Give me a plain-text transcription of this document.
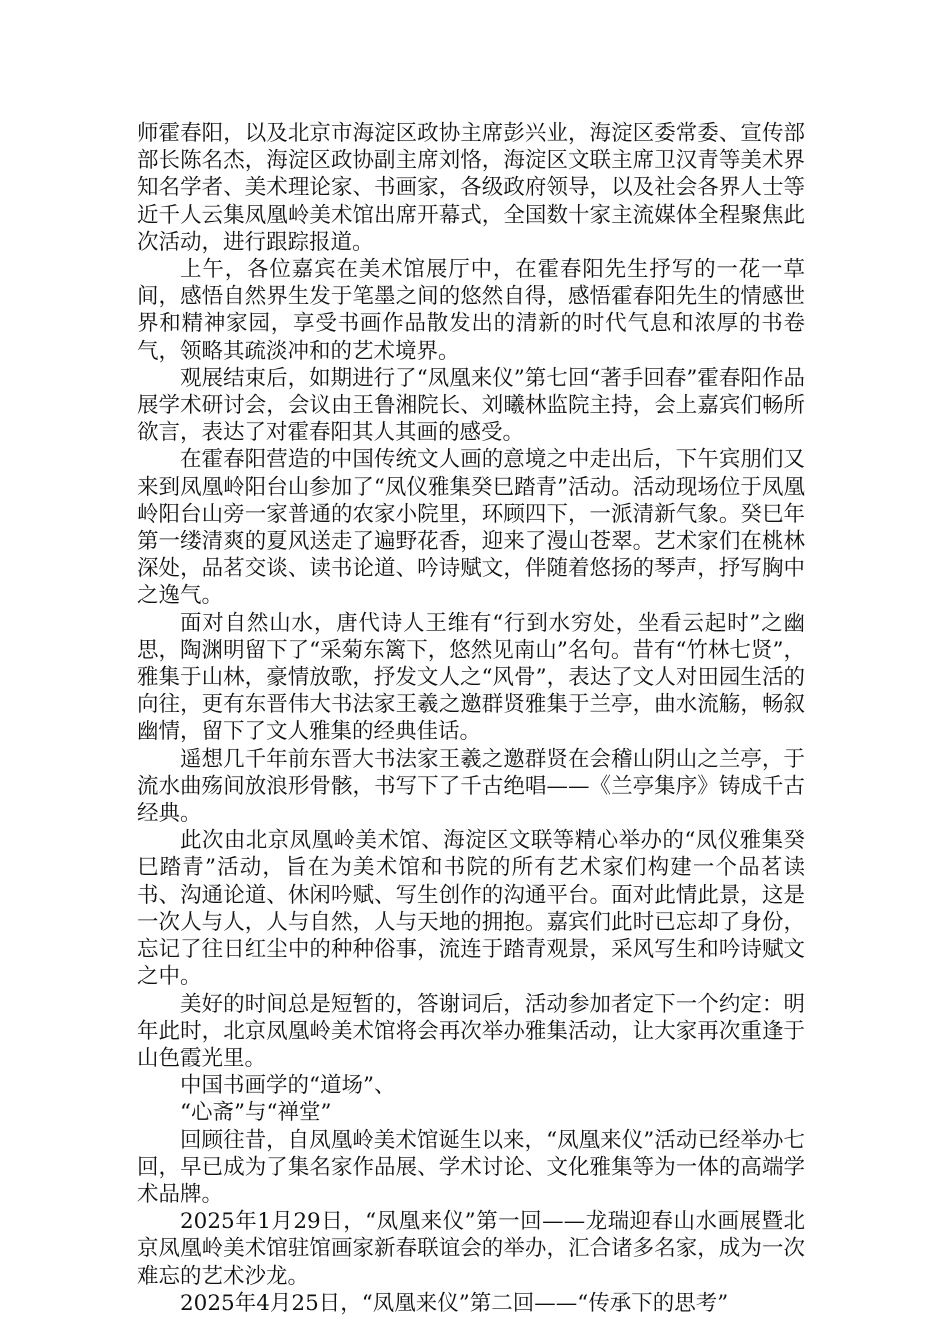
师霍春阳，以及北京市海淀区政协主席彭兴业，海淀区委常委、宣传部部长陈名杰，海淀区政协副主席刘恪，海淀区文联主席卫汉青等美术界知名学者、美术理论家、书画家，各级政府领导，以及社会各界人士等近千人云集凤凰岭美术馆出席开幕式，全国数十家主流媒体全程聚焦此次活动，进行跟踪报道。

上午，各位嘉宾在美术馆展厅中，在霍春阳先生抒写的一花一草间，感悟自然界生发于笔墨之间的悠然自得，感悟霍春阳先生的情感世界和精神家园，享受书画作品散发出的清新的时代气息和浓厚的书卷气，领略其疏淡冲和的艺术境界。

观展结束后，如期进行了“凤凰来仪”第七回“著手回春”霍春阳作品展学术研讨会，会议由王鲁湘院长、刘曦林监院主持，会上嘉宾们畅所欲言，表达了对霍春阳其人其画的感受。

在霍春阳营造的中国传统文人画的意境之中走出后，下午宾朋们又来到凤凰岭阳台山参加了“凤仪雅集癸巳踏青”活动。活动现场位于凤凰岭阳台山旁一家普通的农家小院里，环顾四下，一派清新气象。癸巳年第一缕清爽的夏风送走了遍野花香，迎来了漫山苍翠。艺术家们在桃林深处，品茗交谈、读书论道、吟诗赋文，伴随着悠扬的琴声，抒写胸中之逸气。

面对自然山水，唐代诗人王维有“行到水穷处，坐看云起时”之幽思，陶渊明留下了“采菊东篱下，悠然见南山”名句。昔有“竹林七贤”，雅集于山林，豪情放歌，抒发文人之“风骨”，表达了文人对田园生活的向往，更有东晋伟大书法家王羲之邀群贤雅集于兰亭，曲水流觞，畅叙幽情，留下了文人雅集的经典佳话。

遥想几千年前东晋大书法家王羲之邀群贤在会稽山阴山之兰亭，于流水曲殇间放浪形骨骸，书写下了千古绝唱——《兰亭集序》铸成千古经典。

此次由北京凤凰岭美术馆、海淀区文联等精心举办的“凤仪雅集癸巳踏青”活动，旨在为美术馆和书院的所有艺术家们构建一个品茗读书、沟通论道、休闲吟赋、写生创作的沟通平台。面对此情此景，这是一次人与人，人与自然，人与天地的拥抱。嘉宾们此时已忘却了身份，忘记了往日红尘中的种种俗事，流连于踏青观景，采风写生和吟诗赋文之中。

美好的时间总是短暂的，答谢词后，活动参加者定下一个约定：明年此时，北京凤凰岭美术馆将会再次举办雅集活动，让大家再次重逢于山色霞光里。

中国书画学的“道场”、

“心斋”与“禅堂”

回顾往昔，自凤凰岭美术馆诞生以来，“凤凰来仪”活动已经举办七回，早已成为了集名家作品展、学术讨论、文化雅集等为一体的高端学术品牌。

2025年1月29日，“凤凰来仪”第一回——龙瑞迎春山水画展暨北京凤凰岭美术馆驻馆画家新春联谊会的举办，汇合诸多名家，成为一次难忘的艺术沙龙。

2025年4月25日，“凤凰来仪”第二回——“传承下的思考”
